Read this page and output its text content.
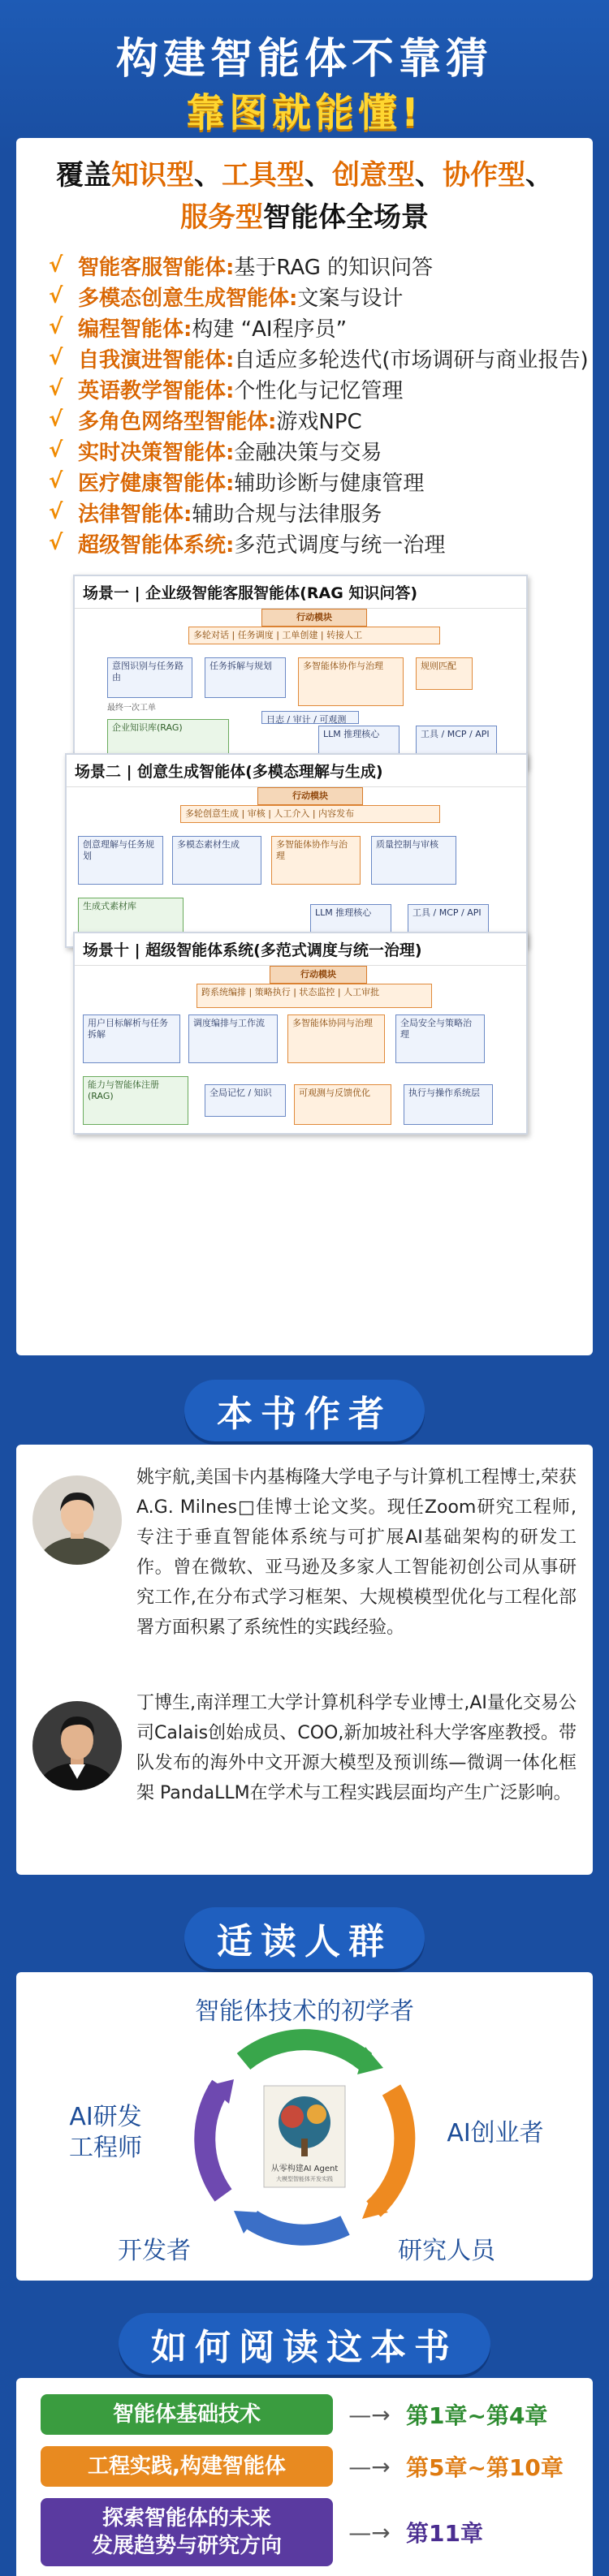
构建智能体不靠猜
靠图就能懂!
覆盖知识型、工具型、创意型、协作型、
服务型智能体全场景
√ 智能客服智能体: 基于RAG 的知识问答
√ 多模态创意生成智能体: 文案与设计
√ 编程智能体: 构建 “AI程序员”
√ 自我演进智能体: 自适应多轮迭代(市场调研与商业报告)
√ 英语教学智能体: 个性化与记忆管理
√ 多角色网络型智能体: 游戏NPC
√ 实时决策智能体: 金融决策与交易
√ 医疗健康智能体: 辅助诊断与健康管理
√ 法律智能体: 辅助合规与法律服务
√ 超级智能体系统: 多范式调度与统一治理
场景一 | 企业级智能客服智能体(RAG 知识问答)
行动模块
多轮对话 | 任务调度 | 工单创建 | 转接人工
意图识别与任务路由
任务拆解与规划	多智能体协作与治理	规则匹配
最终一次工单
企业知识库(RAG)
LLM 推理核心
日志 / 审计 / 可观测
工具 / MCP / API
场景二 | 创意生成智能体(多模态理解与生成)
行动模块
多轮创意生成 | 审核 | 人工介入 | 内容发布
创意理解与任务规划
多模态素材生成	多智能体协作与治理
质量控制与审核
生成式素材库
LLM 推理核心	工具 / MCP / API
场景十 | 超级智能体系统(多范式调度与统一治理)
行动模块
跨系统编排 | 策略执行 | 状态监控 | 人工审批
用户目标解析与任务拆解
调度编排与工作流	多智能体协同与治理	全局安全与策略治理
能力与智能体注册(RAG)	全局记忆 / 知识	可观测与反馈优化	执行与操作系统层
本书作者
姚宇航,美国卡内基梅隆大学电子与计算机工程博士,荣获A.G. Milnes□佳博士论文奖。现任Zoom研究工程师,专注于垂直智能体系统与可扩展AI基础架构的研发工作。曾在微软、亚马逊及多家人工智能初创公司从事研究工作,在分布式学习框架、大规模模型优化与工程化部署方面积累了系统性的实践经验。
丁博生,南洋理工大学计算机科学专业博士,AI量化交易公司Calais创始成员、COO,新加坡社科大学客座教授。带队发布的海外中文开源大模型及预训练—微调一体化框架 PandaLLM在学术与工程实践层面均产生广泛影响。
适读人群
从零构建AI Agent
大模型智能体开发实践
智能体技术的初学者
AI创业者
研究人员
开发者
AI研发
工程师
如何阅读这本书
智能体基础技术	—→ 第1章~第4章
工程实践,构建智能体	—→ 第5章~第10章
探索智能体的未来
发展趋势与研究方向
—→ 第11章
